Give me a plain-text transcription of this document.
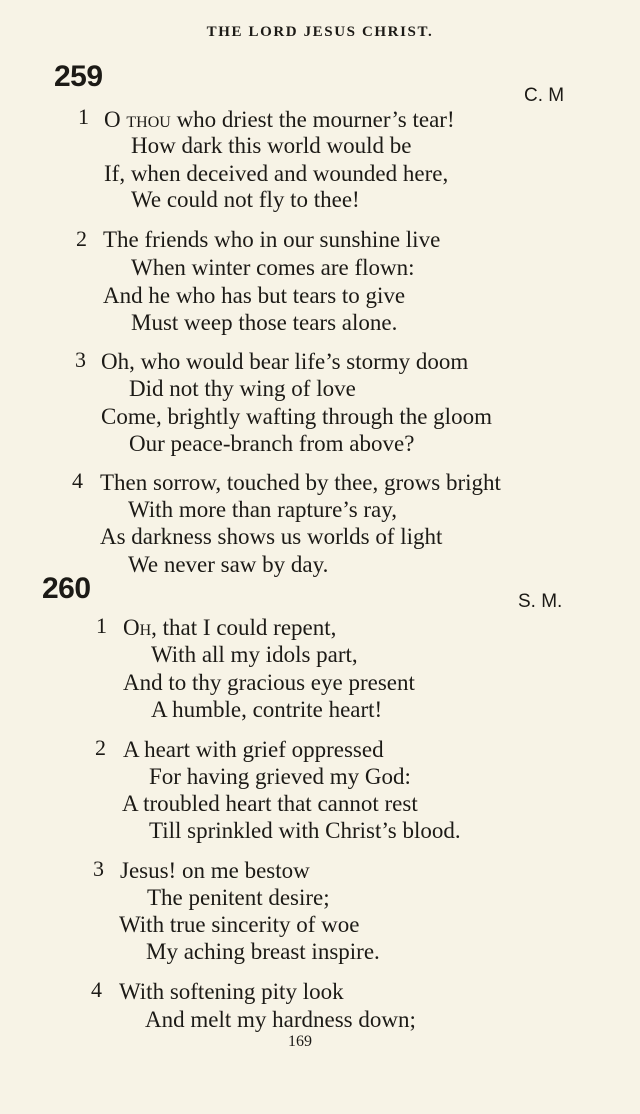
THE LORD JESUS CHRIST.
259
C. M
1 O thou who driest the mourner’s tear!
How dark this world would be
If, when deceived and wounded here,
We could not fly to thee!
2 The friends who in our sunshine live
When winter comes are flown:
And he who has but tears to give
Must weep those tears alone.
3 Oh, who would bear life’s stormy doom
Did not thy wing of love
Come, brightly wafting through the gloom
Our peace-branch from above?
4 Then sorrow, touched by thee, grows bright
With more than rapture’s ray,
As darkness shows us worlds of light
We never saw by day.
260	S. M.
1 Oh, that I could repent,
With all my idols part,
And to thy gracious eye present
A humble, contrite heart!
2 A heart with grief oppressed
For having grieved my God:
A troubled heart that cannot rest
Till sprinkled with Christ’s blood.
3 Jesus! on me bestow
The penitent desire;
With true sincerity of woe
My aching breast inspire.
4 With softening pity look
And melt my hardness down;
169
